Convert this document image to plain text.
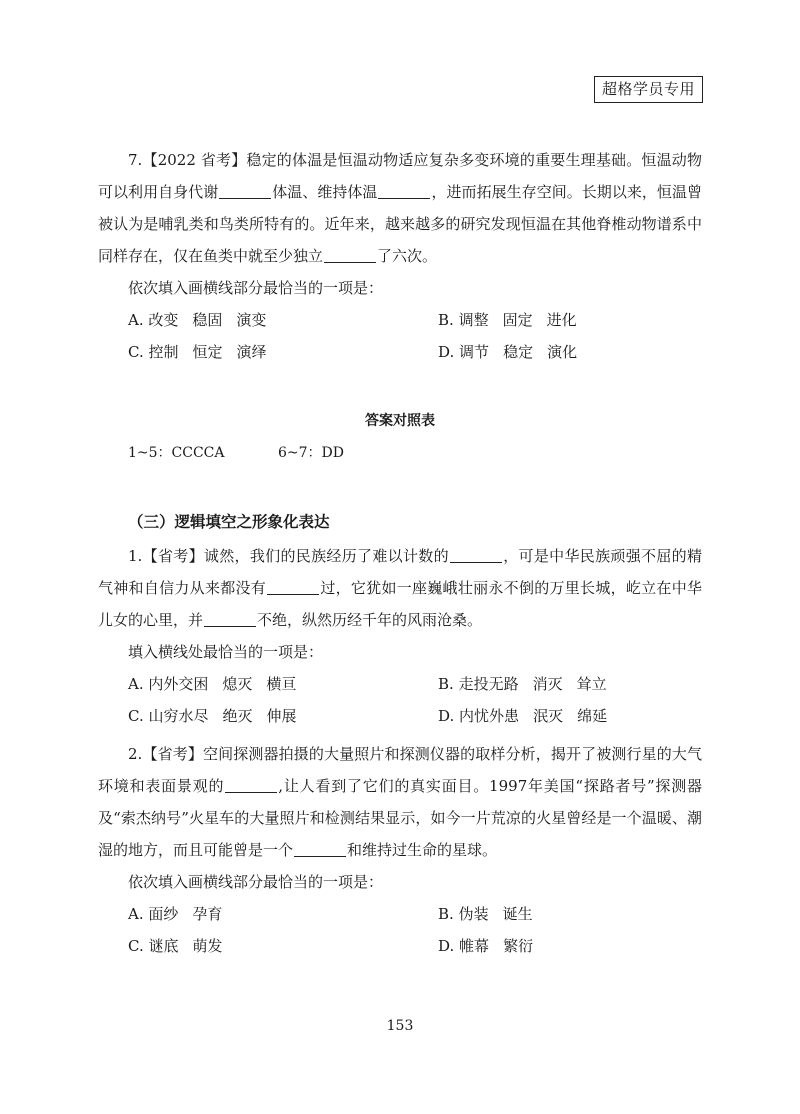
超格学员专用

7.【2022 省考】稳定的体温是恒温动物适应复杂多变环境的重要生理基础。恒温动物可以利用自身代谢	体温、维持体温	，进而拓展生存空间。长期以来，恒温曾被认为是哺乳类和鸟类所特有的。近年来，越来越多的研究发现恒温在其他脊椎动物谱系中同样存在，仅在鱼类中就至少独立	了六次。

依次填入画横线部分最恰当的一项是：

A. 改变 稳固 演变	B. 调整 固定 进化
C. 控制 恒定 演绎	D. 调节 稳定 演化
答案对照表
1~5：CCCCA	6~7：DD
（三）逻辑填空之形象化表达

1.【省考】诚然，我们的民族经历了难以计数的	，可是中华民族顽强不屈的精气神和自信力从来都没有	过，它犹如一座巍峨壮丽永不倒的万里长城，屹立在中华儿女的心里，并	不绝，纵然历经千年的风雨沧桑。

填入横线处最恰当的一项是：

A. 内外交困 熄灭 横亘	B. 走投无路 消灭 耸立
C. 山穷水尽 绝灭 伸展	D. 内忧外患 泯灭 绵延

2.【省考】空间探测器拍摄的大量照片和探测仪器的取样分析，揭开了被测行星的大气环境和表面景观的	,让人看到了它们的真实面目。1997年美国“探路者号”探测器及“索杰纳号”火星车的大量照片和检测结果显示，如今一片荒凉的火星曾经是一个温暖、潮湿的地方，而且可能曾是一个	和维持过生命的星球。

依次填入画横线部分最恰当的一项是：

A. 面纱 孕育	B. 伪装 诞生
C. 谜底 萌发	D. 帷幕 繁衍
153
